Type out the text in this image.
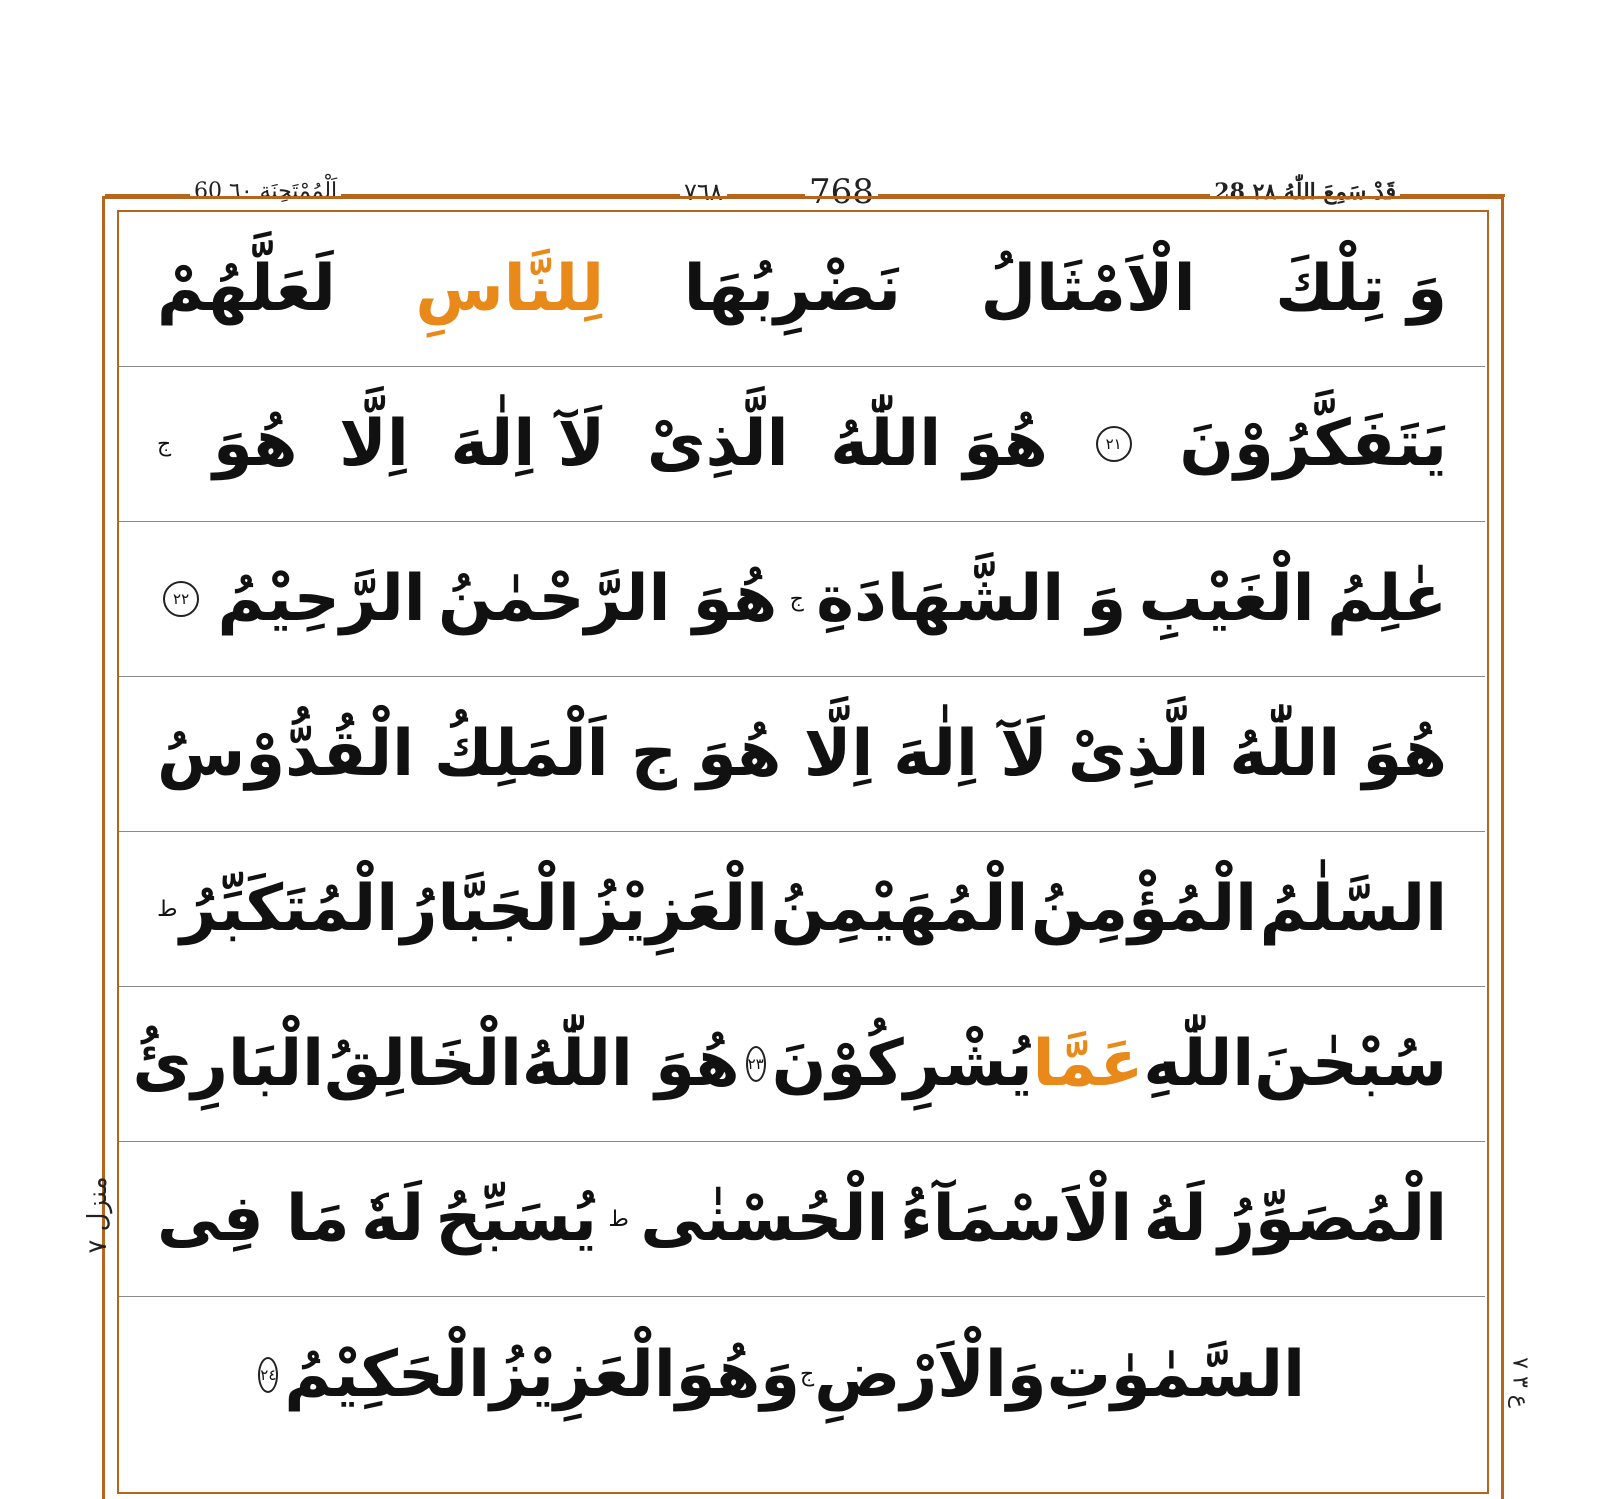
60 اَلْمُمْتَحِنَة ٦٠	٧٦٨	768	28 قَدْ سَمِعَ اللّٰهُ ٢٨
وَ تِلْكَ
الْاَمْثَالُ
نَضْرِبُهَا
لِلنَّاسِ
لَعَلَّهُمْ
يَتَفَكَّرُوْنَ
٢١
هُوَ اللّٰهُ
الَّذِىْ
لَآ اِلٰهَ
اِلَّا
هُوَ
ج
عٰلِمُ
الْغَيْبِ
وَ الشَّهَادَةِ
ج
هُوَ الرَّحْمٰنُ
الرَّحِيْمُ
٢٢
هُوَ اللّٰهُ
الَّذِىْ
لَآ اِلٰهَ
اِلَّا هُوَ
ج اَلْمَلِكُ
الْقُدُّوْسُ
السَّلٰمُ
الْمُؤْمِنُ
الْمُهَيْمِنُ
الْعَزِيْزُ
الْجَبَّارُ
الْمُتَكَبِّرُ
ط
سُبْحٰنَ
اللّٰهِ
عَمَّا
يُشْرِكُوْنَ
٢٣
هُوَ اللّٰهُ
الْخَالِقُ
الْبَارِئُ
الْمُصَوِّرُ
لَهُ
الْاَسْمَآءُ
الْحُسْنٰى
ط
يُسَبِّحُ
لَهٗ
مَا فِى
السَّمٰوٰتِ
وَالْاَرْضِ
ج
وَهُوَ
الْعَزِيْزُ
الْحَكِيْمُ
٢٤
منزل ٧
ع ٣ ٧
